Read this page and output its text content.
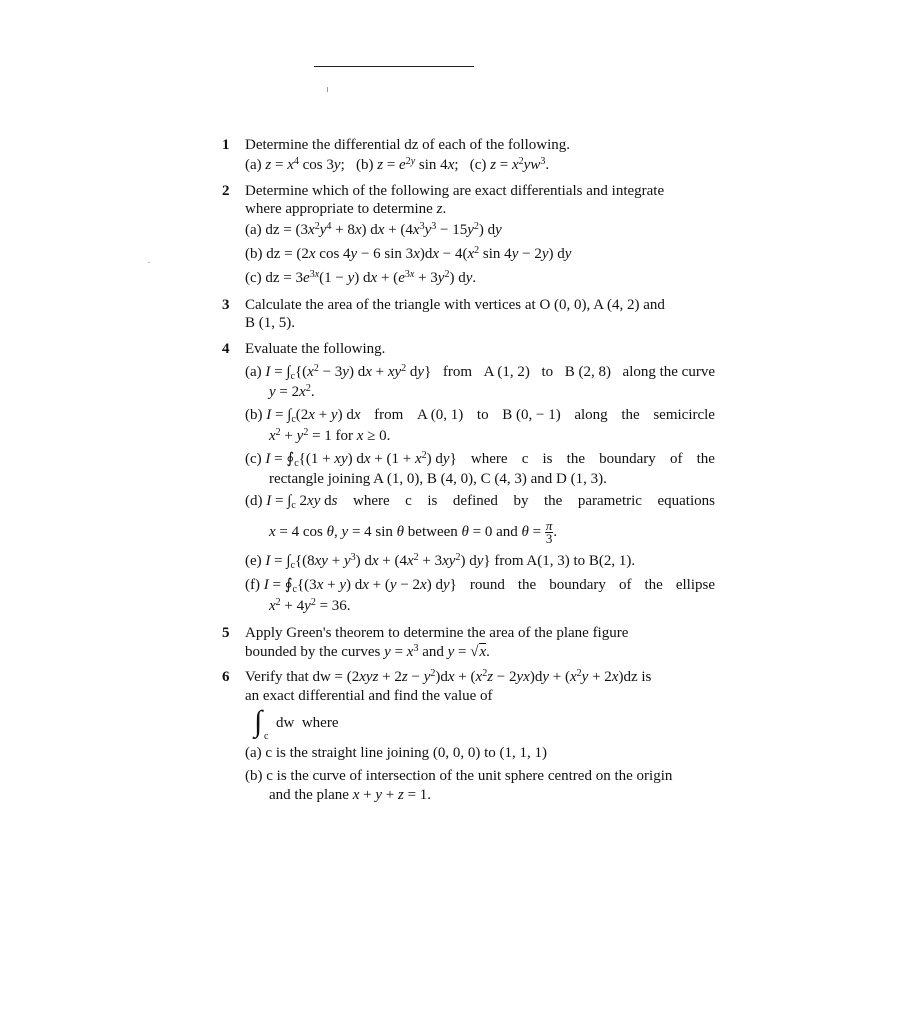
1 Determine the differential dz of each of the following.
(a) $z = x^4$ cos 3y;   (b) $z = e^{2y}$ sin 4x;   (c) $z = x^2yw^3$.
2 Determine which of the following are exact differentials and integrate
where appropriate to determine z.
(a) dz = $(3x^2y^4 + 8x)$ dx + $(4x^3y^3 - 15y^2)$ dy
(b) dz = (2x cos 4y − 6 $\sin 3x)dx - 4(x^2$ sin 4y − 2y) dy
(c) dz = $3e^{3x}(1 - y)$ dx + $(e^{3x} + 3y^2)$ dy.
3 Calculate the area of the triangle with vertices at O (0, 0), A (4, 2) and
B (1, 5).
4 Evaluate the following.
(a) $I = \int_c\{(x^2 - 3y)$ dx + $xy^2$ dy} from A (1, 2) to B (2, 8) along the curve
$y = 2x^2$.
(b) $I = \int_c(2x + y)$ dx from A (0, 1) to B (0, − 1) along the semicircle
$x^2 + y^2 = 1$ for x ≥ 0.
(c) $I = ∮_c\{(1 + xy)$ dx + $(1 + x^2)$ dy} where c is the boundary of the
rectangle joining A (1, 0), B (4, 0), C (4, 3) and D (1, 3).
(d) $I = \int_c$ 2xy ds where c is defined by the parametric equations
x = 4 cos θ, y = 4 sin θ between θ = 0 and $\theta = \frac{\pi}{3}$ .
(e) $I = \int_c\{(8xy + y^3)$ dx + $(4x^2 + 3xy^2)$ dy} from A(1, 3) to B(2, 1).
(f) $I = ∮_c\{(3x + y)$ dx + (y − 2x) dy} round the boundary of the ellipse
$x^2 + 4y^2 = 36$.
5 Apply Green's theorem to determine the area of the plane figure
bounded by the curves $y = x^3$ and y = √x.
6 Verify that dw = $(2xyz + 2z - y^2)dx + (x^2z - 2yx)dy + (x^2y + 2x)dz$ is
an exact differential and find the value of
∫ c
dw  where
(a) c is the straight line joining (0, 0, 0) to (1, 1, 1)
(b) c is the curve of intersection of the unit sphere centred on the origin
and the plane x + y + z = 1.
